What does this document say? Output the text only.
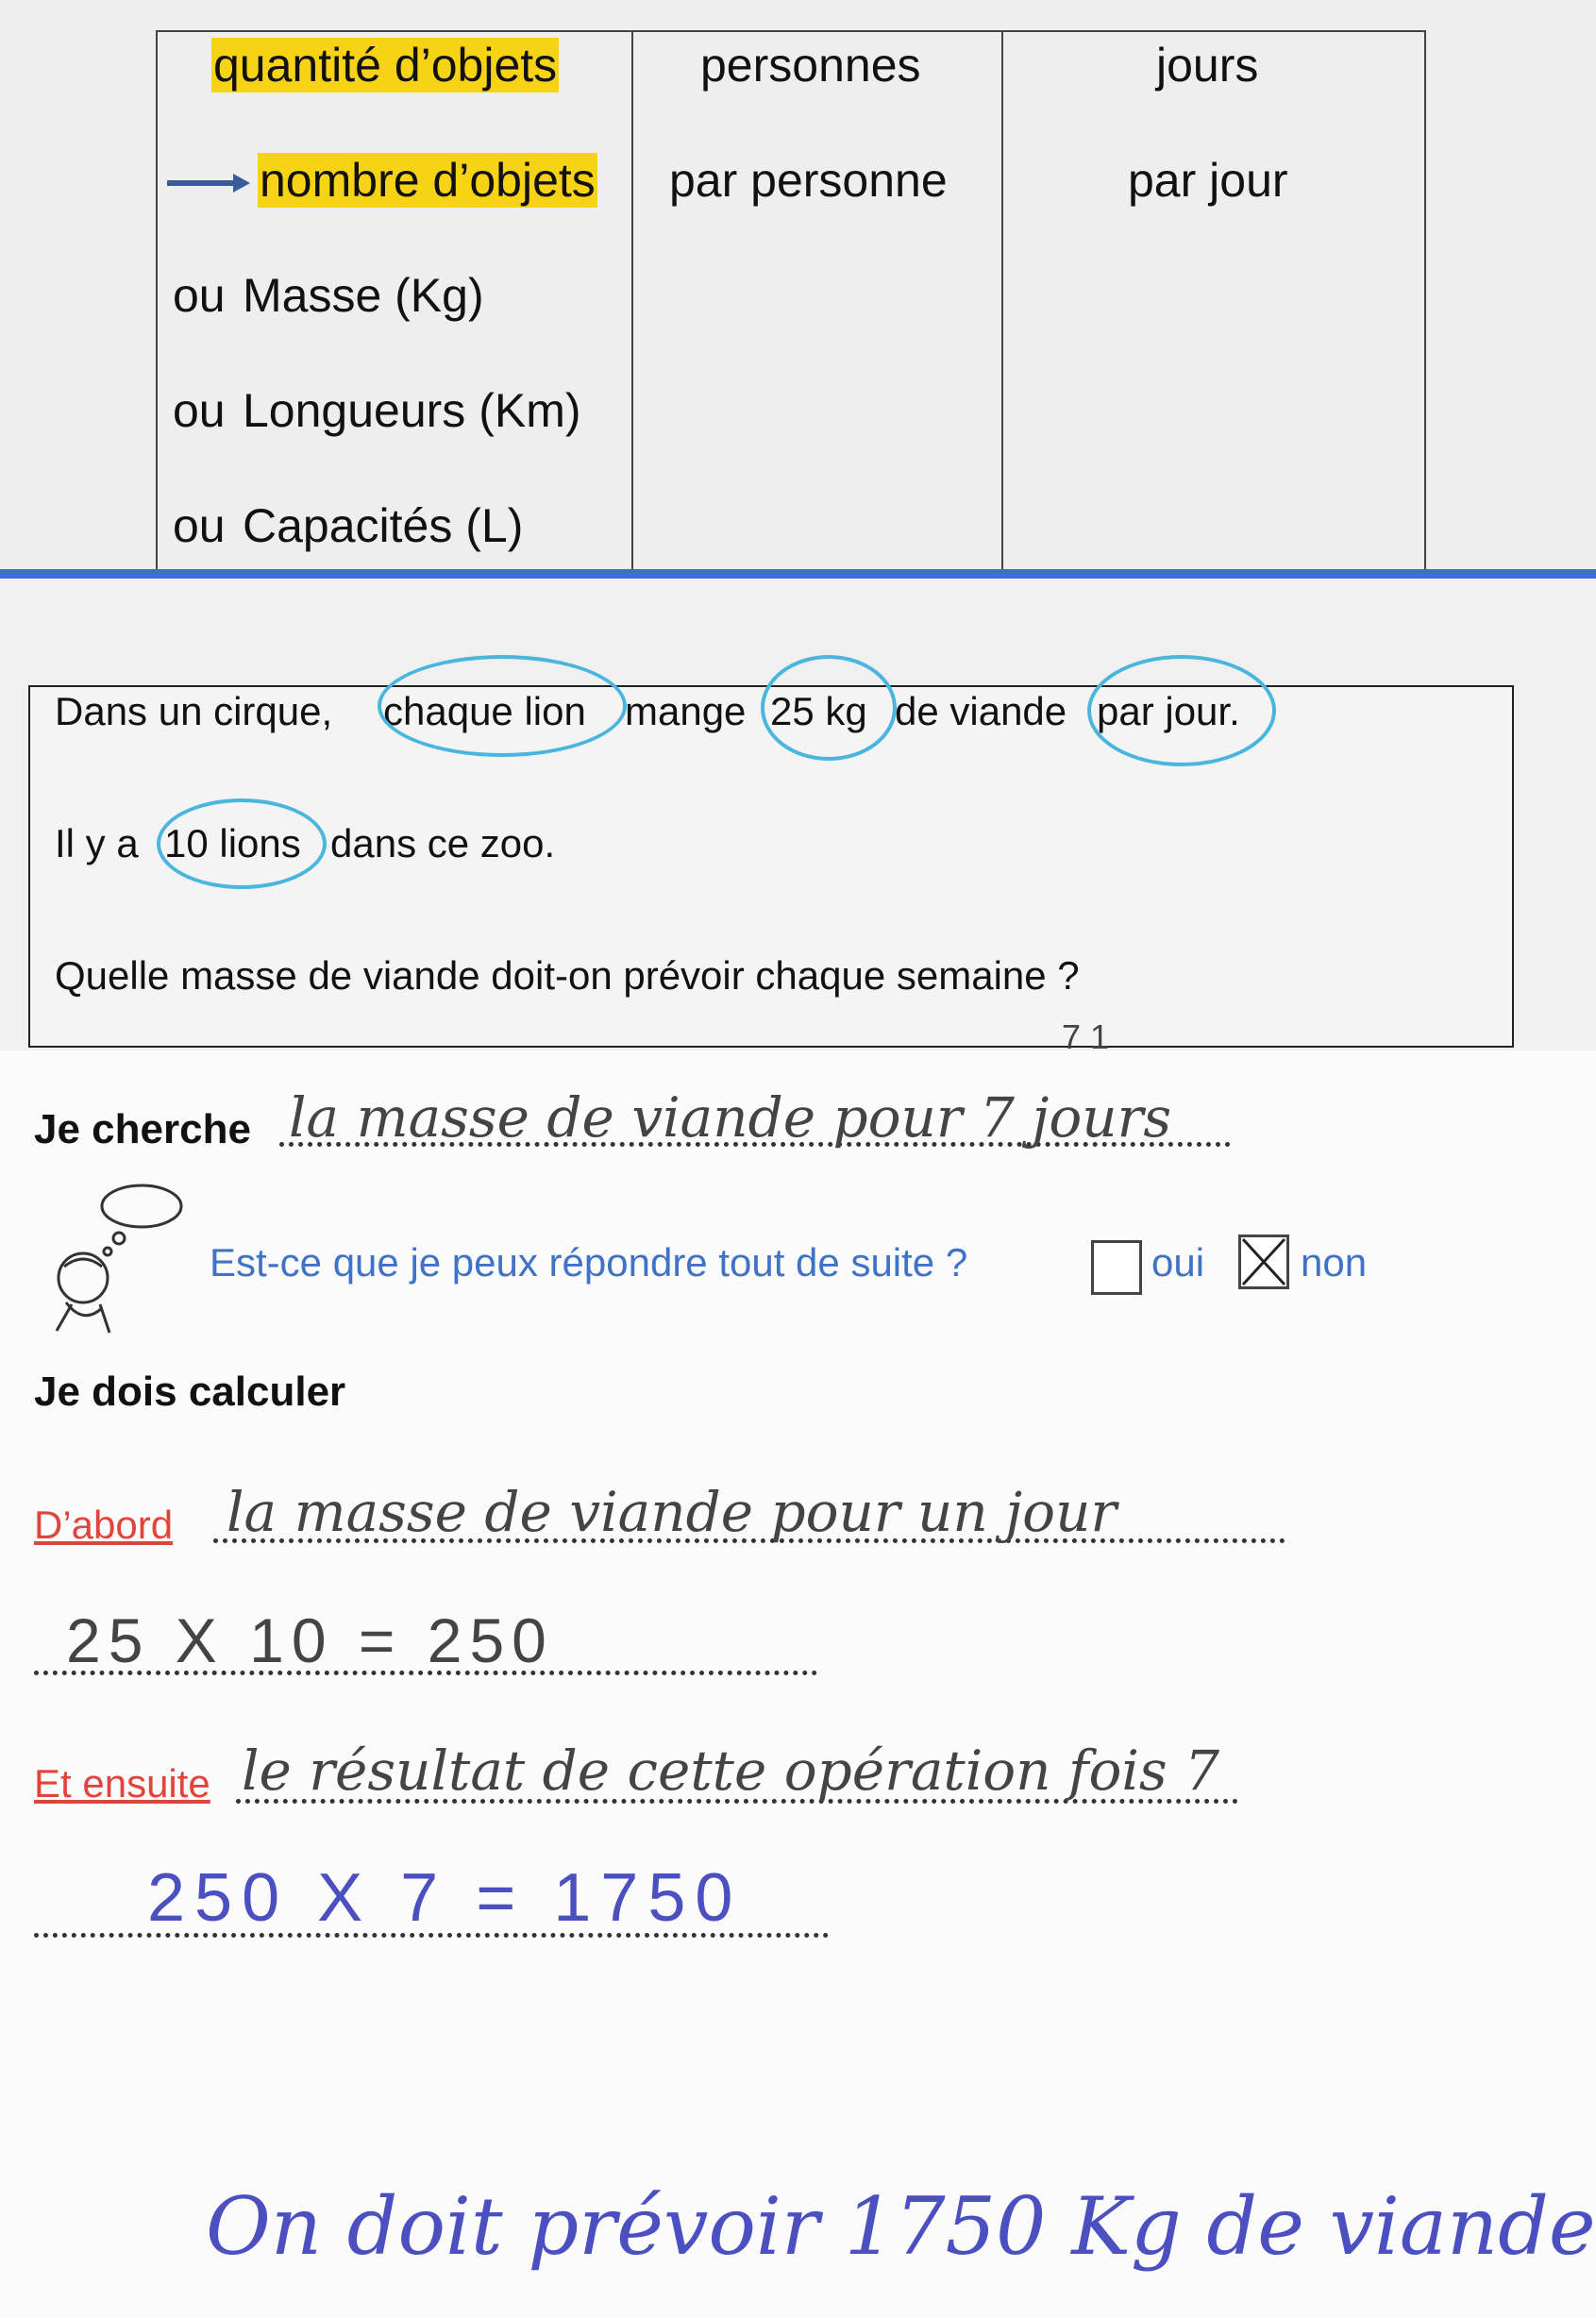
quantité d’objets
nombre d’objets
ou Masse (Kg)
ou Longueurs (Km)
ou Capacités (L)
personnes
par personne
jours
par jour
Dans un cirque, chaque lion mange 25 kg de viande par jour.
Il y a 10 lions dans ce zoo.
Quelle masse de viande doit-on prévoir chaque semaine ?
7 1
Je cherche la masse de viande pour 7 jours
Est-ce que je peux répondre tout de suite ?	oui non
Je dois calculer
D’abord la masse de viande pour un jour
25 X 10 = 250
Et ensuite le résultat de cette opération fois 7
250 X 7 = 1750
On doit prévoir 1750 Kg de viande
